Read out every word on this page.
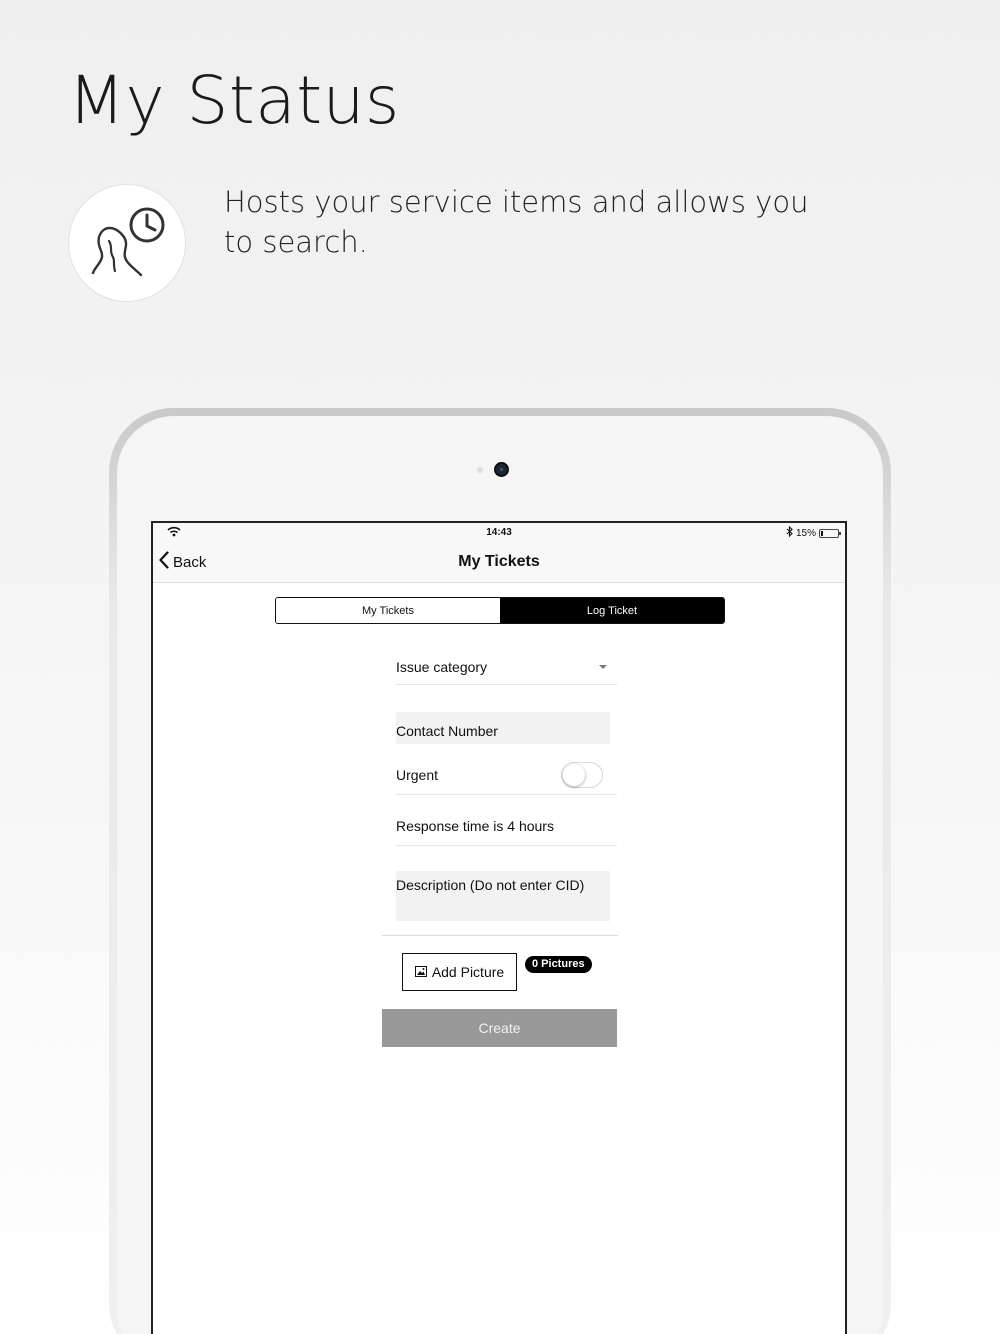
My Status
Hosts your service items and allows you to search.
14:43	15%
Back	My Tickets
My Tickets	Log Ticket
Issue category
Contact Number
Urgent
Response time is 4 hours
Description (Do not enter CID)
Add Picture	0 Pictures
Create
